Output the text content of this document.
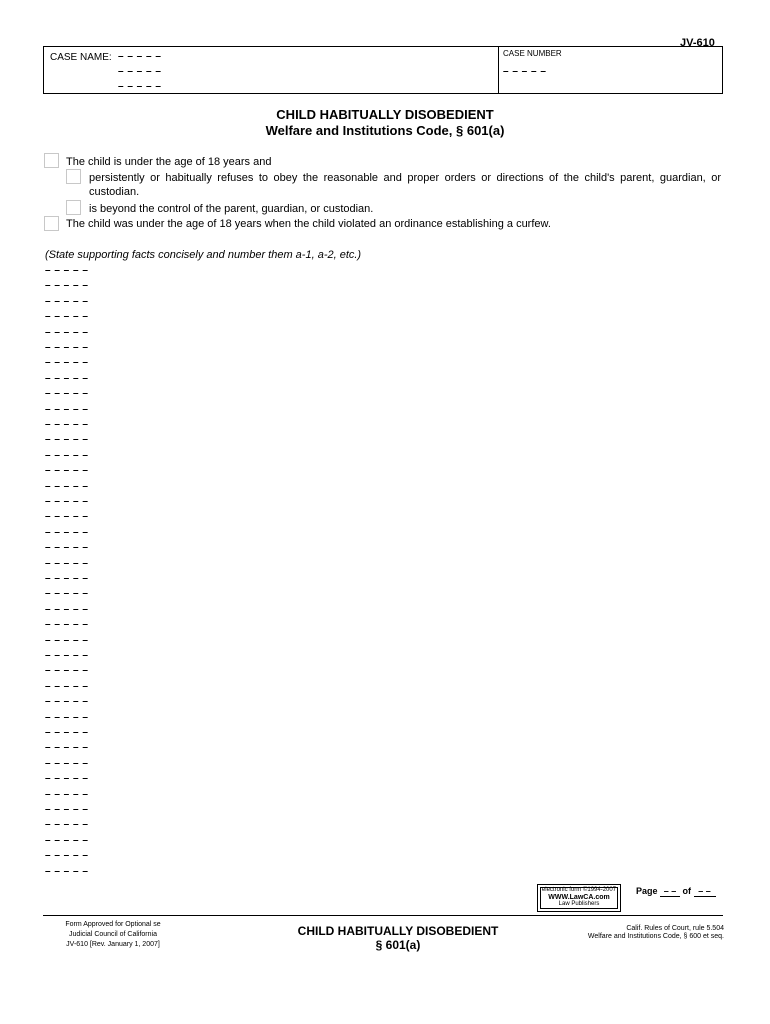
JV-610
CASE NAME: – – – – –
– – – – –
– – – – –
CASE NUMBER
– – – – –
CHILD HABITUALLY DISOBEDIENT
Welfare and Institutions Code, § 601(a)
The child is under the age of 18 years and
persistently or habitually refuses to obey the reasonable and proper orders or directions of the child's parent, guardian, or custodian.
is beyond the control of the parent, guardian, or custodian.
The child was under the age of 18 years when the child violated an ordinance establishing a curfew.
(State supporting facts concisely and number them a-1, a-2, etc.)
– – – – –
– – – – –
– – – – –
– – – – –
– – – – –
– – – – –
– – – – –
– – – – –
– – – – –
– – – – –
– – – – –
– – – – –
– – – – –
– – – – –
– – – – –
– – – – –
– – – – –
– – – – –
– – – – –
– – – – –
– – – – –
– – – – –
– – – – –
– – – – –
– – – – –
– – – – –
– – – – –
– – – – –
– – – – –
– – – – –
– – – – –
– – – – –
– – – – –
– – – – –
– – – – –
– – – – –
– – – – –
– – – – –
– – – – –
– – – – –
electronic form ©1994-2007
WWW.LawCA.com
Law Publishers
Page – – of – –
Form Approved for Optional se
Judicial Council of California
JV-610 [Rev. January 1, 2007]
CHILD HABITUALLY DISOBEDIENT
§ 601(a)
Calif. Rules of Court, rule 5.504
Welfare and Institutions Code, § 600 et seq.
